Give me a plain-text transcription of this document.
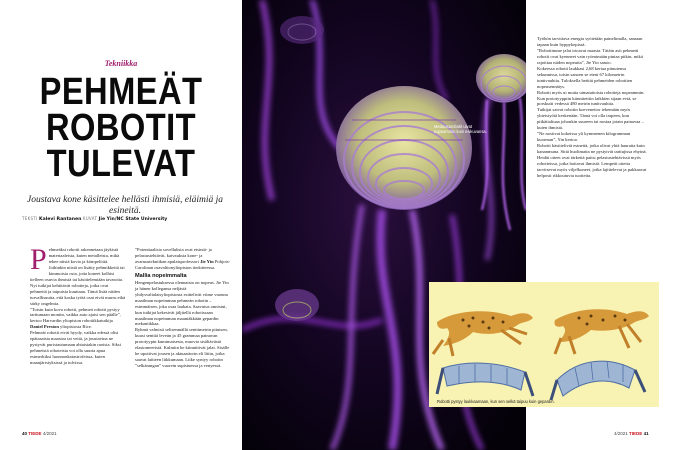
Tekniikka
PEHMEÄT
ROBOTIT
TULEVAT
Joustava kone käsittelee hellästi ihmisiä, eläimiä ja esineitä.
TEKSTI Kalevi Rantanen KUVAT Jie Yin/NC State University

Pehmeäksi robotit rakennetaan jäykistä materiaaleista, kuten metalleista, mikä tekee niistä kovia ja kömpelöitä. Joihinkin niistä on lisätty pehmikkeitä tai kimmoisia osia, jotta koneet kolhisi tielleen osuvia ihmisiä tai käsittelemiään tavaroita.

Nyt tutkijat kehittävät robotteja, jotka ovat pehmeitä ja taipuisia kuuttaan. Tämä lisää niiden turvallisuutta, että koska työtä osat eivät murru eikä särky ongelmia.

”Toisin kuin kova robotti, pehmeä robotti pystyy tarttumaan moniin, vaikka auto ajaisi sen päälle”, kertoo Harvardin yliopiston robotiikkatutkija Daniel Preston yliopistosta Rice.

Pehmeät robotit eivät hyydy, vaikka edessä olisi epätasaista maastoa tai vettä, ja joustavina ne pystyvät puristautumaan ahtaistakin raoista. Siksi pehmeistä roboteista voi olla suurta apua esimerkiksi luonnonkatastrofeissa, kuten maanjäristyksissä ja tulvissa.

”Potentiaalisia sovelluksia ovat etsintä- ja pelastustehtävät, kaivauksia kone- ja avaruustekniikan apulaisprofessori Jie Yin Pohjois-Carolinan osavaltionyliopiston tiedotteessa.

Mallia nopeimmalta

Hengenpelastuksessa olennaista on nopeus. Jie Yin ja hänen kollegansa neljästä yhdysvaltalaisyliopistosta esittelivät viime vuonna maailman nopeimman pehmeän robotin – esimmäisen, joka osaa laukata. Saavutus onnistui, kun tutkijat kekesivät jäljitellä robotissaan maailman nopeimman maaniäkkään gepardin mekaniikkaa.

Ryhmä valmisti selisenmällä senttimetrin pituisen, kuusi senttiä leveän ja 45 grammaa painavan prototyypin kumimaisesta, muovia sisältävästä elastomeeristä. Kulmiin he kiinnittivät jalat. Sisälle he upottivat jousen ja aktuaattorin eli liitin, jotka saavat laitteen liikkumaan. Liike syntyy robotin ”selkärangan” vuorein supistuessa ja venyessä.

Meduusarobotit uivat nopeammin kuin esikuvansa.

Työhön tarvittava energia syötetään painelimalla, samaan tapaan kuin hyppykepissä.

”Robottimme jalat irtoavat maasta. Tätäin asti pehmeät robotit ovat kyenneet vain ryömimään pintaa pitkin, mikä rajoittaa niiden nopeutta”, Jie Yin sanoo.

Kokeessa robotti laukkasi 2,68 kertaa pituutensa sekunnissa, toisin sanoen se eteni 67 kilometrin tuntivauhtia. Tuloksella heittäi pehmeiden robottien nopeusennätys.

Robotti myös ui muita uimataitoisia robotteja nopeammin. Kun prototyyppiin kiinnitettiin laikkien sijaan eviä, se porskutti vedessä 480 metrin tuntivauhtia.

Tutkijat saivat robotin koevenetior tekemään myös yhteistyötä keskenään. Tämä voi olla tarpeen, kun pitkättaltuaa johonkin suureen tai nostaa jotain painavaa – kuten ihmistä.

”Ne nostivat kokeissa yli kymmenen kilogramman kuorman”, Yin kertoo.

Robotit käsittelivät esineitä, jotka olivat yhtä hauraita kuin kananmuna. Siitä huolimatta ne pystyivät tarttujissa ehyinä. Heidät otteet ovat tärkeitä paitsi pelastustehtävissä myös robotteissa, jotka hoitavat ihmisiä. Lempeät otteita tarvitsevat myös viljelkoneet, jotka lajittelevat ja pakkaavat helposti rikkoutuvia tuotteita.

Robotti pystyy laukkaamaan, kun sen selkä taipuu kuin gepardin.
40 TIEDE 4/2021	4/2021 TIEDE 41
